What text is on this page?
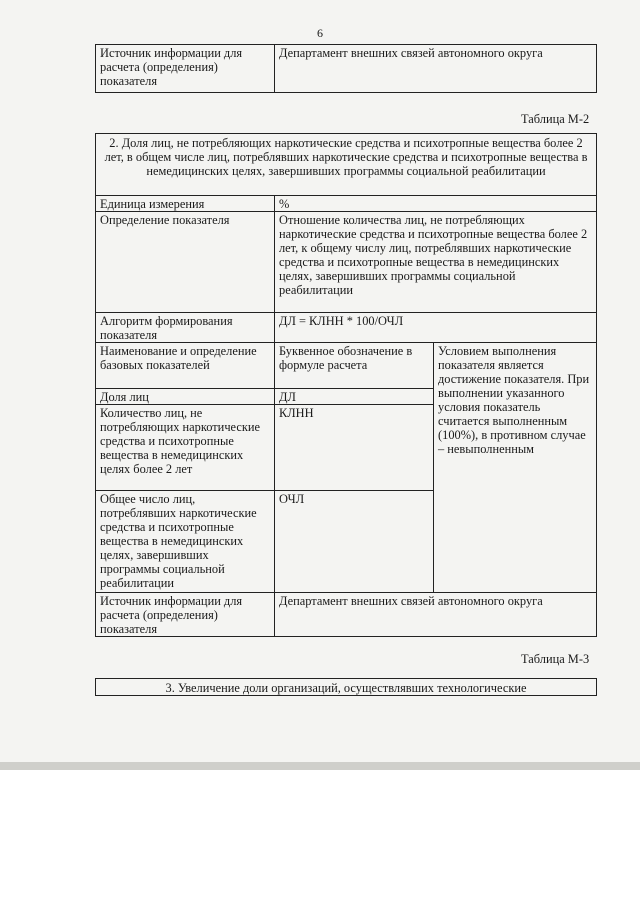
6
Источник информации для расчета (определения) показателя	Департамент внешних связей автономного округа
Таблица М-2
2. Доля лиц, не потребляющих наркотические средства и психотропные вещества более 2 лет, в общем числе лиц, потреблявших наркотические средства и психотропные вещества в немедицинских целях, завершивших программы социальной реабилитации		
Единица измерения	%	
Определение показателя	Отношение количества лиц, не потребляющих наркотические средства и психотропные вещества более 2 лет, к общему числу лиц, потреблявших наркотические средства и психотропные вещества в немедицинских целях, завершивших программы социальной реабилитации	
Алгоритм формирования показателя	ДЛ = КЛНН * 100/ОЧЛ	
Наименование и определение базовых показателей	Буквенное обозначение в формуле расчета	Условием выполнения показателя является достижение показателя. При выполнении указанного условия показатель считается выполненным (100%), в противном случае – невыполненным
Доля лиц	ДЛ	
Количество лиц, не потребляющих наркотические средства и психотропные вещества в немедицинских целях более 2 лет	КЛНН	
Общее число лиц, потреблявших наркотические средства и психотропные вещества в немедицинских целях, завершивших программы социальной реабилитации	ОЧЛ	
Источник информации для расчета (определения) показателя	Департамент внешних связей автономного округа	
Таблица М-3
3. Увеличение доли организаций, осуществлявших технологические
